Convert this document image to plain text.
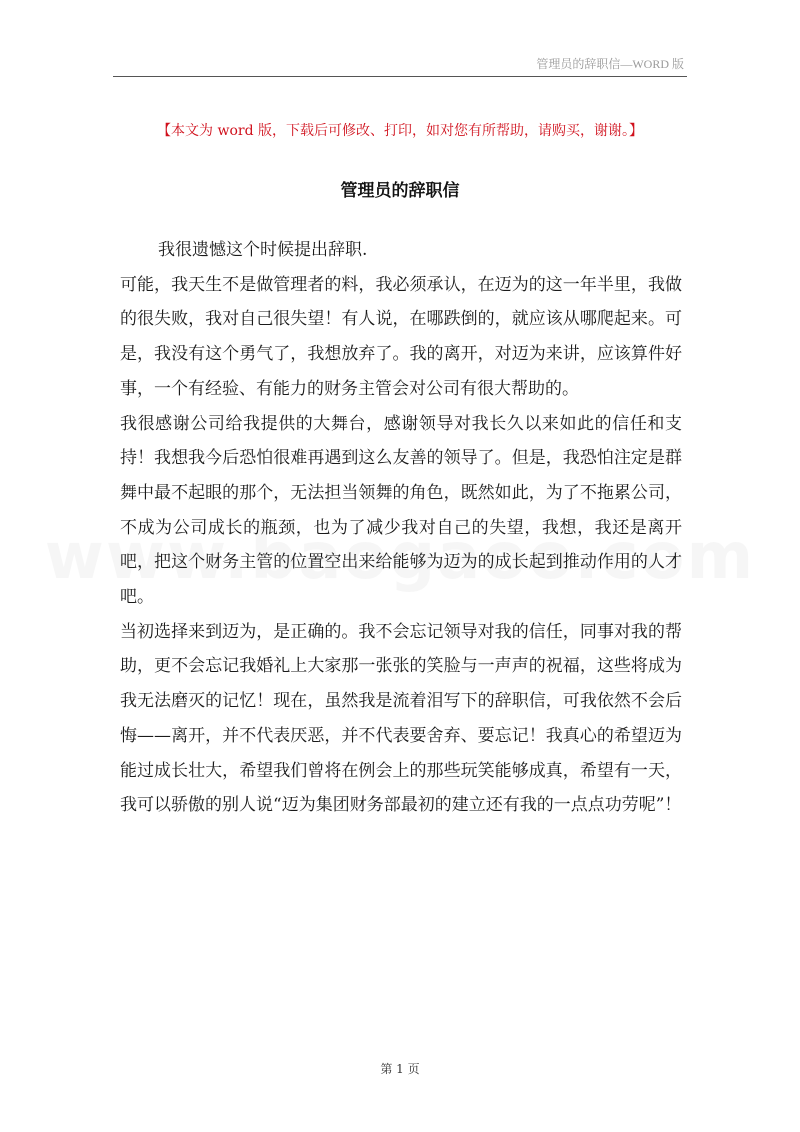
管理员的辞职信—WORD 版
【本文为 word 版，下载后可修改、打印，如对您有所帮助，请购买，谢谢。】
管理员的辞职信

我很遗憾这个时候提出辞职.

可能，我天生不是做管理者的料，我必须承认，在迈为的这一年半里，我做的很失败，我对自己很失望！有人说，在哪跌倒的，就应该从哪爬起来。可是，我没有这个勇气了，我想放弃了。我的离开，对迈为来讲，应该算件好事，一个有经验、有能力的财务主管会对公司有很大帮助的。

我很感谢公司给我提供的大舞台，感谢领导对我长久以来如此的信任和支持！我想我今后恐怕很难再遇到这么友善的领导了。但是，我恐怕注定是群舞中最不起眼的那个，无法担当领舞的角色，既然如此，为了不拖累公司，不成为公司成长的瓶颈，也为了减少我对自己的失望，我想，我还是离开吧，把这个财务主管的位置空出来给能够为迈为的成长起到推动作用的人才吧。

当初选择来到迈为，是正确的。我不会忘记领导对我的信任，同事对我的帮助，更不会忘记我婚礼上大家那一张张的笑脸与一声声的祝福，这些将成为我无法磨灭的记忆！现在，虽然我是流着泪写下的辞职信，可我依然不会后悔——离开，并不代表厌恶，并不代表要舍弃、要忘记！我真心的希望迈为能过成长壮大，希望我们曾将在例会上的那些玩笑能够成真，希望有一天，我可以骄傲的别人说“迈为集团财务部最初的建立还有我的一点点功劳呢”！

第 1 页
